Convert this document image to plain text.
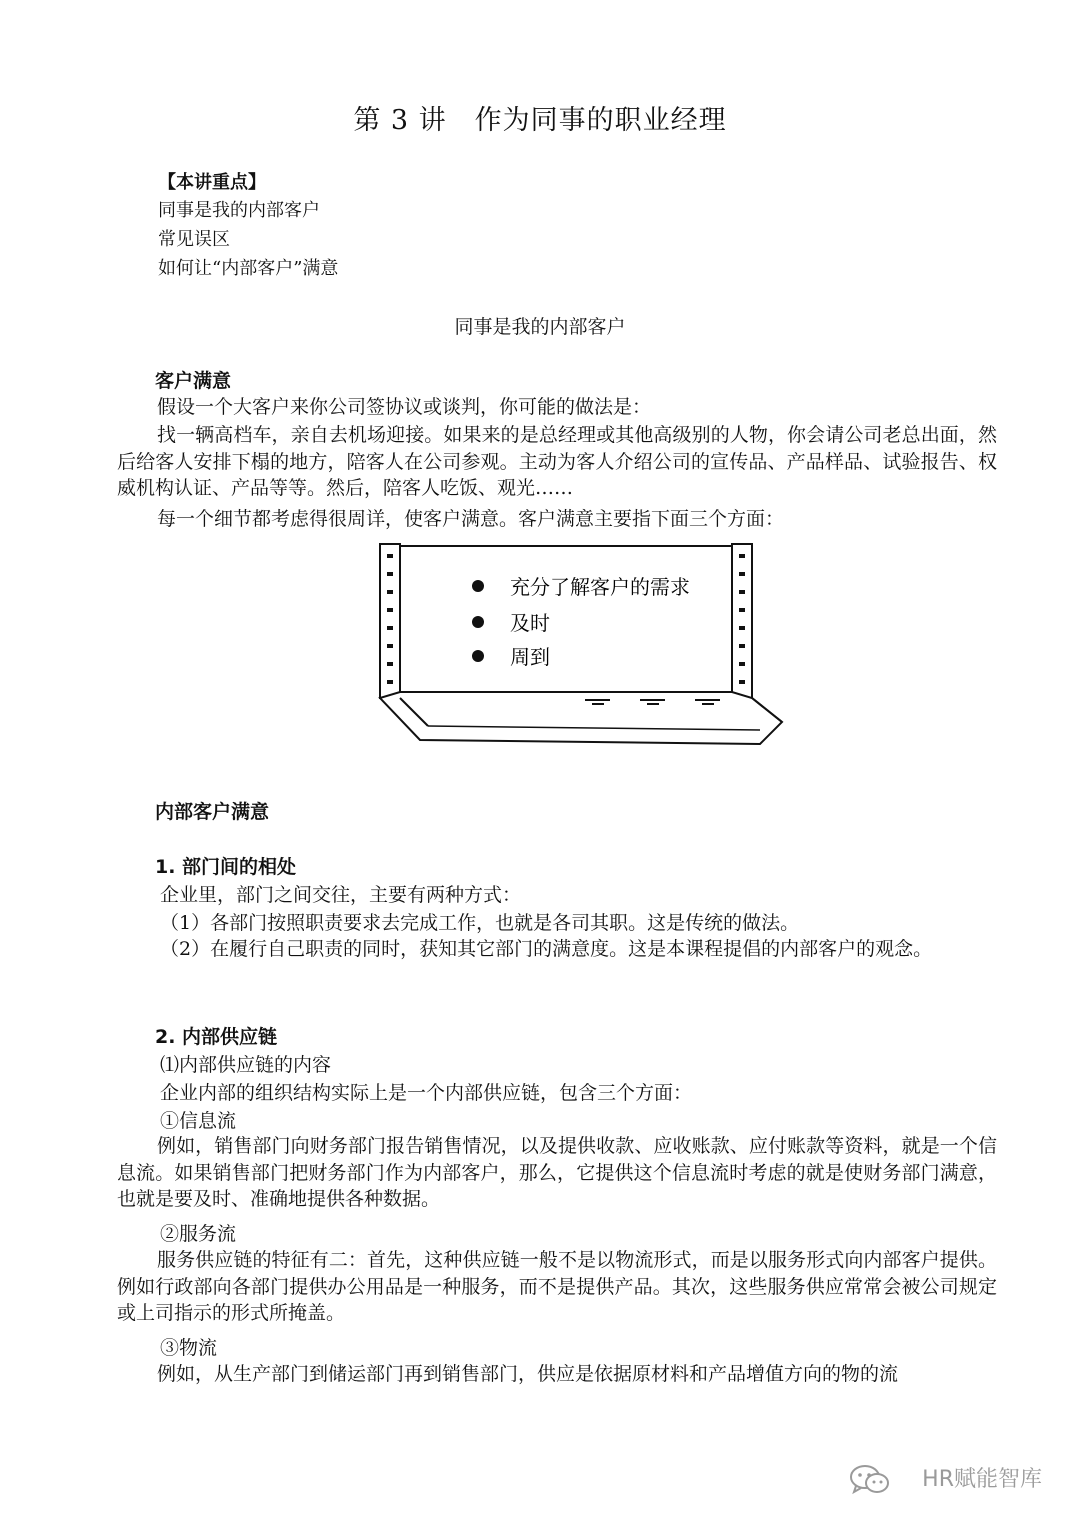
第 3 讲　作为同事的职业经理
【本讲重点】
同事是我的内部客户
常见误区
如何让“内部客户”满意
同事是我的内部客户
客户满意
假设一个大客户来你公司签协议或谈判，你可能的做法是：
找一辆高档车，亲自去机场迎接。如果来的是总经理或其他高级别的人物，你会请公司老总出面，然后给客人安排下榻的地方，陪客人在公司参观。主动为客人介绍公司的宣传品、产品样品、试验报告、权威机构认证、产品等等。然后，陪客人吃饭、观光……
每一个细节都考虑得很周详，使客户满意。客户满意主要指下面三个方面：
充分了解客户的需求
及时
周到
内部客户满意
1. 部门间的相处
企业里，部门之间交往，主要有两种方式：
（1）各部门按照职责要求去完成工作，也就是各司其职。这是传统的做法。
（2）在履行自己职责的同时，获知其它部门的满意度。这是本课程提倡的内部客户的观念。
2. 内部供应链
⑴内部供应链的内容
企业内部的组织结构实际上是一个内部供应链，包含三个方面：
①信息流
例如，销售部门向财务部门报告销售情况，以及提供收款、应收账款、应付账款等资料，就是一个信息流。如果销售部门把财务部门作为内部客户，那么，它提供这个信息流时考虑的就是使财务部门满意，也就是要及时、准确地提供各种数据。
②服务流
服务供应链的特征有二：首先，这种供应链一般不是以物流形式，而是以服务形式向内部客户提供。例如行政部向各部门提供办公用品是一种服务，而不是提供产品。其次，这些服务供应常常会被公司规定或上司指示的形式所掩盖。
③物流
例如，从生产部门到储运部门再到销售部门，供应是依据原材料和产品增值方向的物的流
HR赋能智库
